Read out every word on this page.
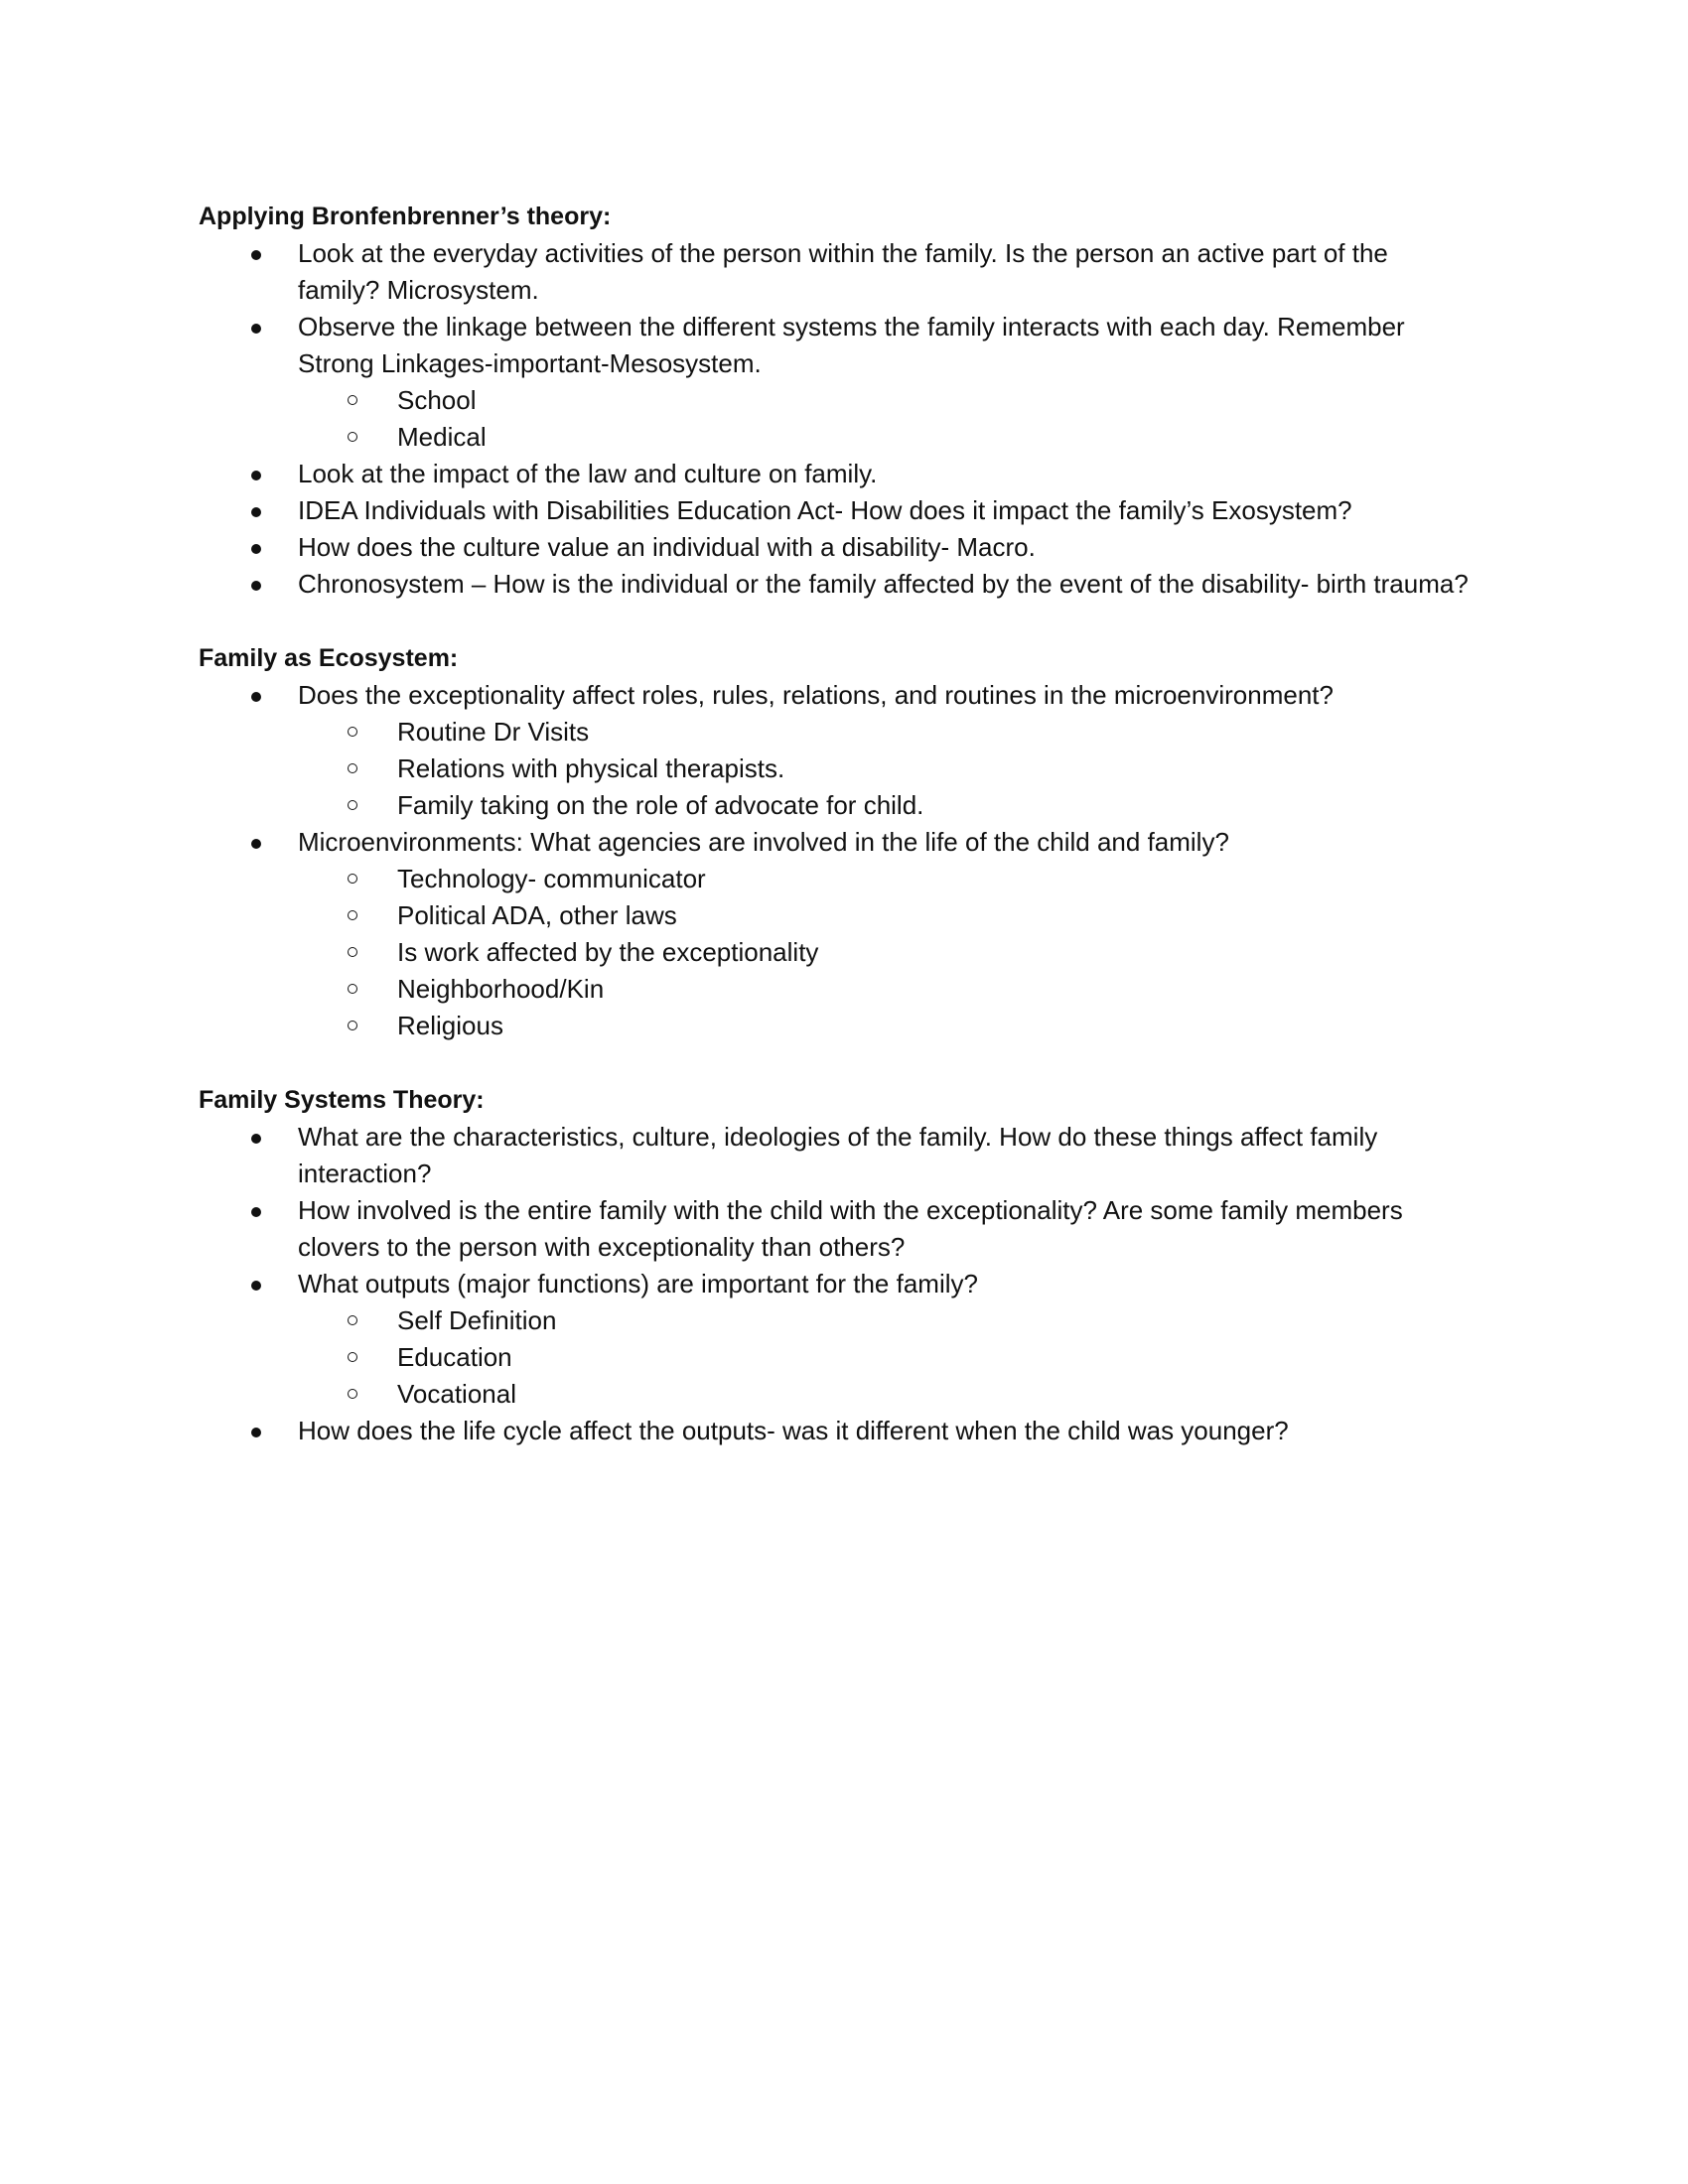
Applying Bronfenbrenner’s theory:
Look at the everyday activities of the person within the family. Is the person an active part of the family? Microsystem.
Observe the linkage between the different systems the family interacts with each day. Remember Strong Linkages-important-Mesosystem.
School
Medical
Look at the impact of the law and culture on family.
IDEA Individuals with Disabilities Education Act- How does it impact the family’s Exosystem?
How does the culture value an individual with a disability- Macro.
Chronosystem – How is the individual or the family affected by the event of the disability- birth trauma?
Family as Ecosystem:
Does the exceptionality affect roles, rules, relations, and routines in the microenvironment?
Routine Dr Visits
Relations with physical therapists.
Family taking on the role of advocate for child.
Microenvironments: What agencies are involved in the life of the child and family?
Technology- communicator
Political ADA, other laws
Is work affected by the exceptionality
Neighborhood/Kin
Religious
Family Systems Theory:
What are the characteristics, culture, ideologies of the family. How do these things affect family interaction?
How involved is the entire family with the child with the exceptionality? Are some family members clovers to the person with exceptionality than others?
What outputs (major functions) are important for the family?
Self Definition
Education
Vocational
How does the life cycle affect the outputs- was it different when the child was younger?
